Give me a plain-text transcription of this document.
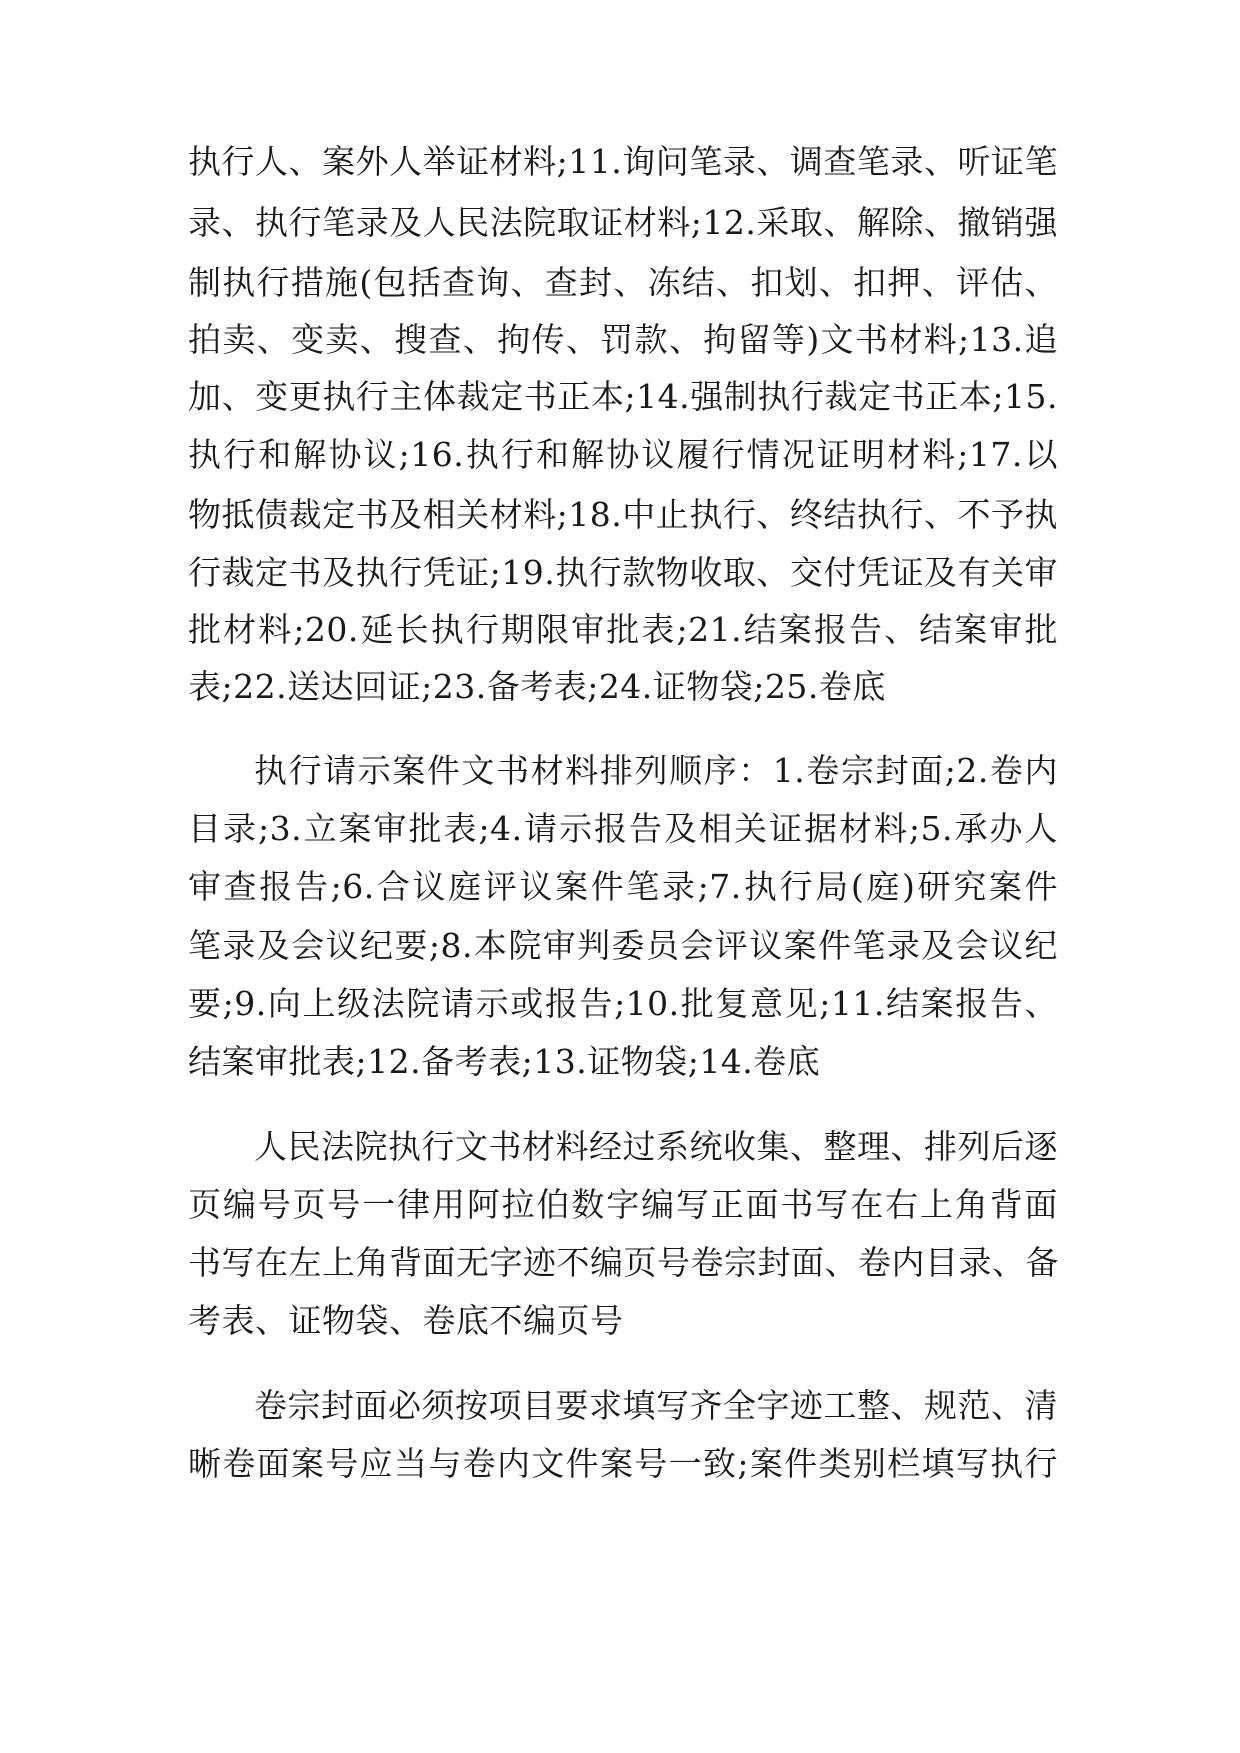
执行人、案外人举证材料;11.询问笔录、调查笔录、听证笔
录、执行笔录及人民法院取证材料;12.采取、解除、撤销强
制执行措施(包括查询、查封、冻结、扣划、扣押、评估、
拍卖、变卖、搜查、拘传、罚款、拘留等)文书材料;13.追
加、变更执行主体裁定书正本;14.强制执行裁定书正本;15.
执行和解协议;16.执行和解协议履行情况证明材料;17.以
物抵债裁定书及相关材料;18.中止执行、终结执行、不予执
行裁定书及执行凭证;19.执行款物收取、交付凭证及有关审
批材料;20.延长执行期限审批表;21.结案报告、结案审批
表;22.送达回证;23.备考表;24.证物袋;25.卷底
执行请示案件文书材料排列顺序：1.卷宗封面;2.卷内
目录;3.立案审批表;4.请示报告及相关证据材料;5.承办人
审查报告;6.合议庭评议案件笔录;7.执行局(庭)研究案件
笔录及会议纪要;8.本院审判委员会评议案件笔录及会议纪
要;9.向上级法院请示或报告;10.批复意见;11.结案报告、
结案审批表;12.备考表;13.证物袋;14.卷底
人民法院执行文书材料经过系统收集、整理、排列后逐
页编号页号一律用阿拉伯数字编写正面书写在右上角背面
书写在左上角背面无字迹不编页号卷宗封面、卷内目录、备
考表、证物袋、卷底不编页号
卷宗封面必须按项目要求填写齐全字迹工整、规范、清
晰卷面案号应当与卷内文件案号一致;案件类别栏填写执行
